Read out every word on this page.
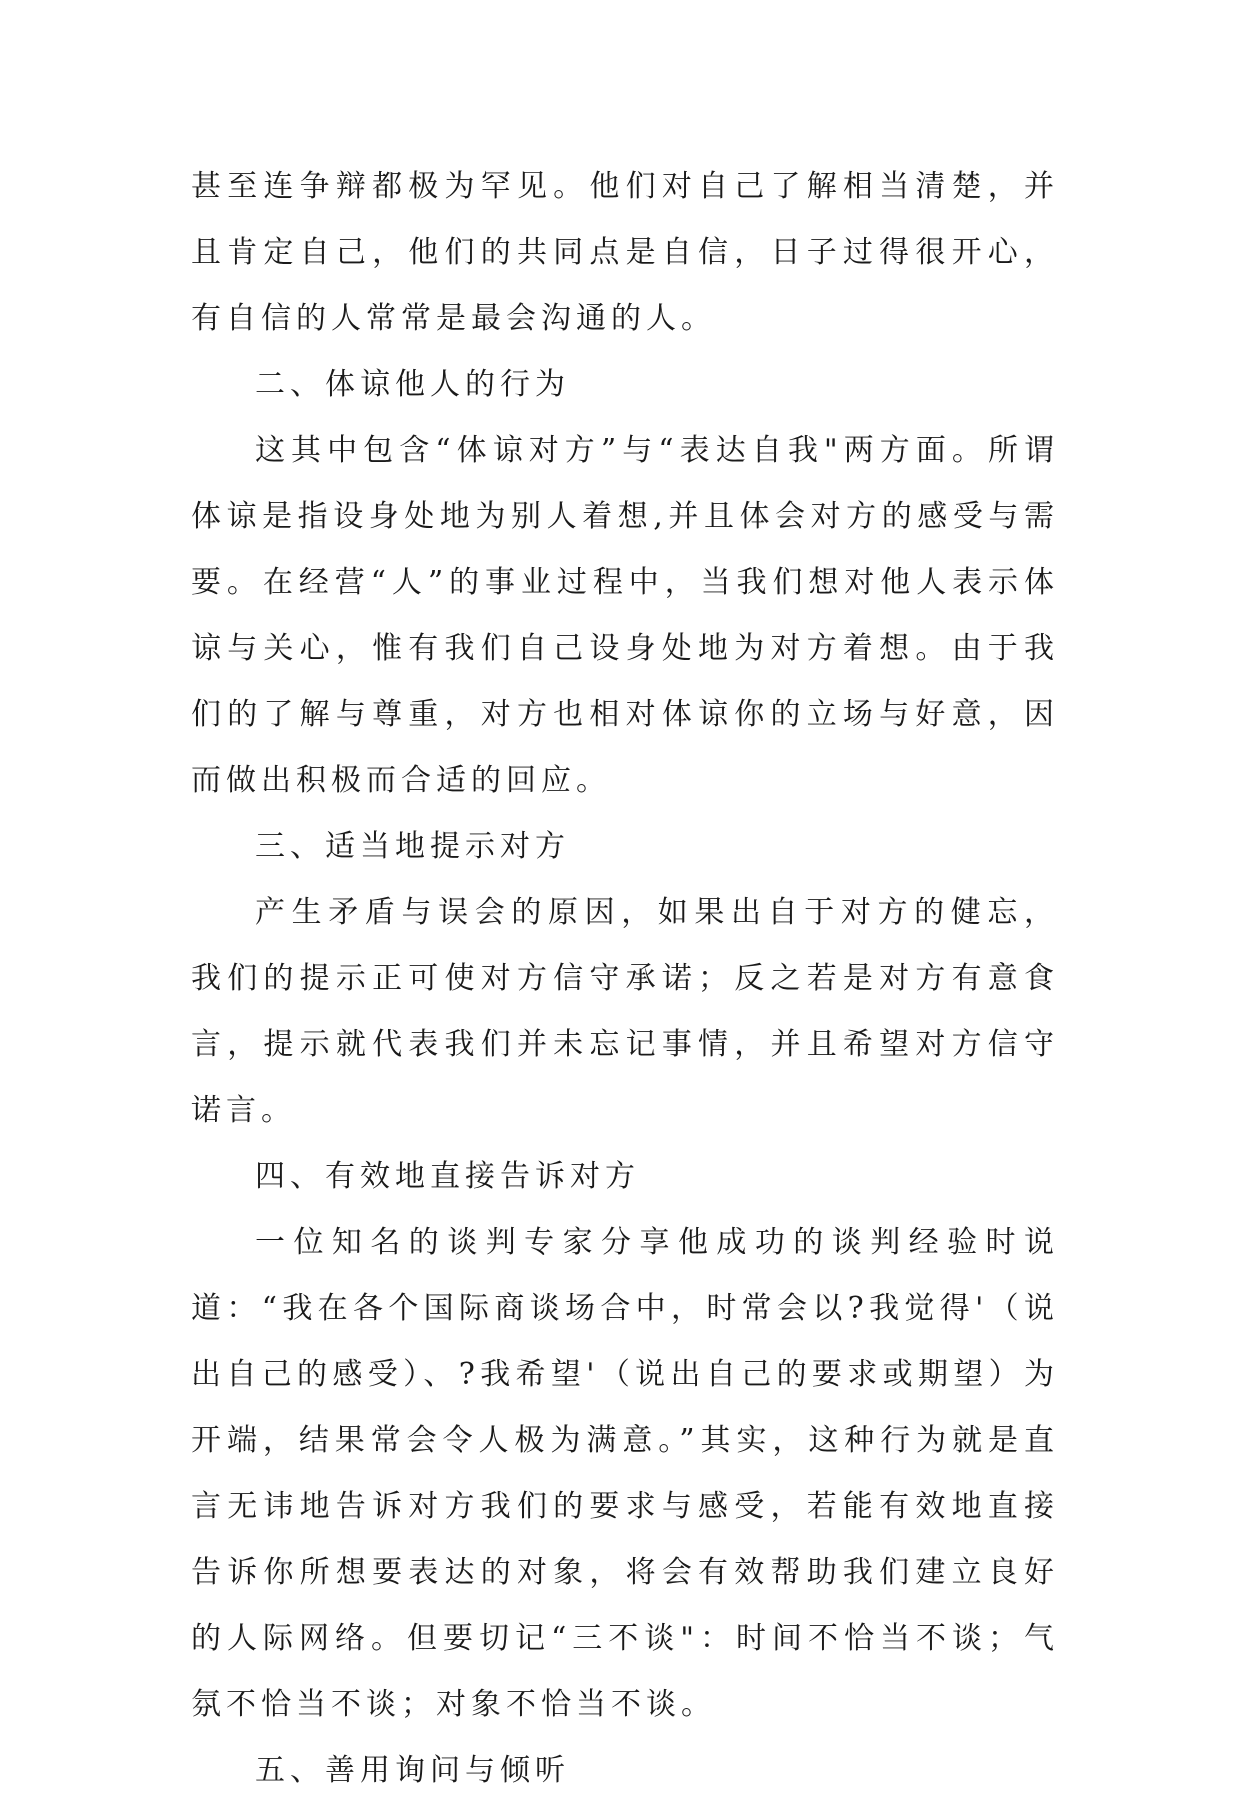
甚至连争辩都极为罕见。他们对自己了解相当清楚，并且肯定自己，他们的共同点是自信，日子过得很开心，有自信的人常常是最会沟通的人。

二、体谅他人的行为

这其中包含“体谅对方”与“表达自我"两方面。所谓体谅是指设身处地为别人着想,并且体会对方的感受与需要。在经营“人”的事业过程中，当我们想对他人表示体谅与关心，惟有我们自己设身处地为对方着想。由于我们的了解与尊重，对方也相对体谅你的立场与好意，因而做出积极而合适的回应。

三、适当地提示对方

产生矛盾与误会的原因，如果出自于对方的健忘，我们的提示正可使对方信守承诺；反之若是对方有意食言，提示就代表我们并未忘记事情，并且希望对方信守诺言。

四、有效地直接告诉对方

一位知名的谈判专家分享他成功的谈判经验时说道：“我在各个国际商谈场合中，时常会以?我觉得'（说出自己的感受）、?我希望'（说出自己的要求或期望）为开端，结果常会令人极为满意。”其实，这种行为就是直言无讳地告诉对方我们的要求与感受，若能有效地直接告诉你所想要表达的对象，将会有效帮助我们建立良好的人际网络。但要切记“三不谈"：时间不恰当不谈；气氛不恰当不谈；对象不恰当不谈。

五、善用询问与倾听
